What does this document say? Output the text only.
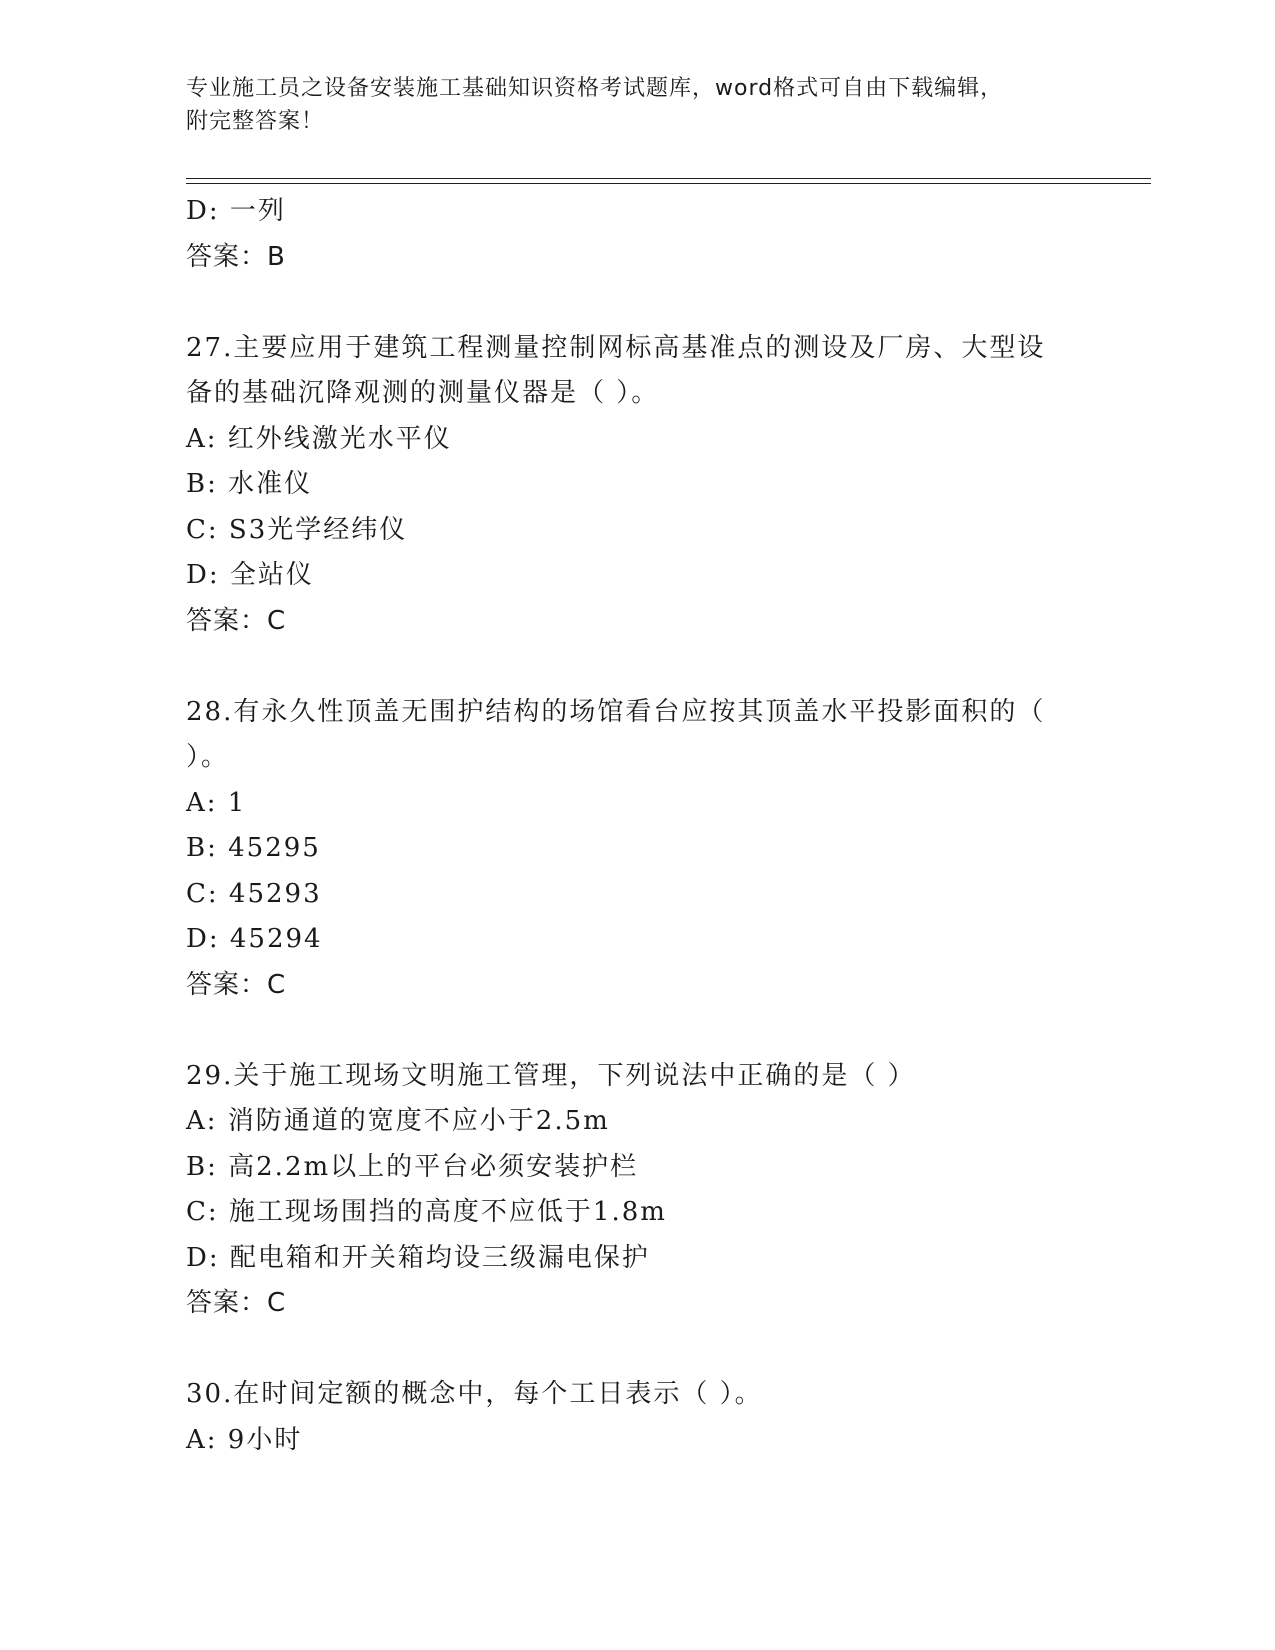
专业施工员之设备安装施工基础知识资格考试题库，word格式可自由下载编辑，
附完整答案！
D: 一列
答案：B
27.主要应用于建筑工程测量控制网标高基准点的测设及厂房、大型设
备的基础沉降观测的测量仪器是（ ）。
A: 红外线激光水平仪
B: 水准仪
C: S3光学经纬仪
D: 全站仪
答案：C
28.有永久性顶盖无围护结构的场馆看台应按其顶盖水平投影面积的（
）。
A: 1
B: 45295
C: 45293
D: 45294
答案：C
29.关于施工现场文明施工管理，下列说法中正确的是（ ）
A: 消防通道的宽度不应小于2.5m
B: 高2.2m以上的平台必须安装护栏
C: 施工现场围挡的高度不应低于1.8m
D: 配电箱和开关箱均设三级漏电保护
答案：C
30.在时间定额的概念中，每个工日表示（ ）。
A: 9小时
